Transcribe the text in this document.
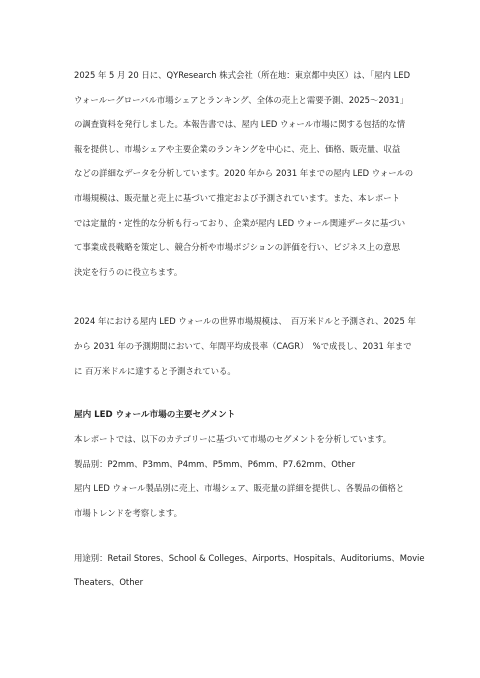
2025 年 5 月 20 日に、QYResearch 株式会社（所在地：東京都中央区）は、「屋内 LED
ウォールーグローバル市場シェアとランキング、全体の売上と需要予測、2025〜2031」
の調査資料を発行しました。本報告書では、屋内 LED ウォール市場に関する包括的な情
報を提供し、市場シェアや主要企業のランキングを中心に、売上、価格、販売量、収益
などの詳細なデータを分析しています。2020 年から 2031 年までの屋内 LED ウォールの
市場規模は、販売量と売上に基づいて推定および予測されています。また、本レポート
では定量的・定性的な分析も行っており、企業が屋内 LED ウォール関連データに基づい
て事業成長戦略を策定し、競合分析や市場ポジションの評価を行い、ビジネス上の意思
決定を行うのに役立ちます。
2024 年における屋内 LED ウォールの世界市場規模は、　百万米ドルと予測され、2025 年
から 2031 年の予測期間において、年間平均成長率（CAGR）　%で成長し、2031 年まで
に 百万米ドルに達すると予測されている。
屋内 LED ウォール市場の主要セグメント
本レポートでは、以下のカテゴリーに基づいて市場のセグメントを分析しています。
製品別：P2mm、P3mm、P4mm、P5mm、P6mm、P7.62mm、Other
屋内 LED ウォール製品別に売上、市場シェア、販売量の詳細を提供し、各製品の価格と
市場トレンドを考察します。
用途別：Retail Stores、School & Colleges、Airports、Hospitals、Auditoriums、Movie
Theaters、Other
